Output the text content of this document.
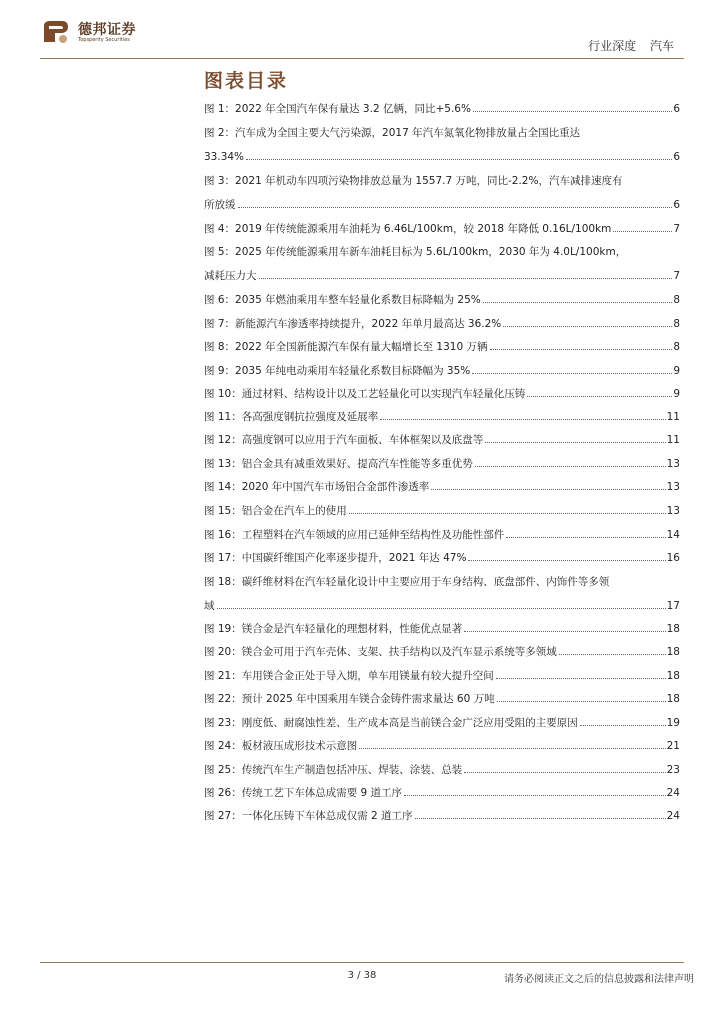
德邦证券
Topsperity Securities	行业深度 汽车
图表目录
图 1： 2022 年全国汽车保有量达 3.2 亿辆，同比+5.6%	6
图 2： 汽车成为全国主要大气污染源，2017 年汽车氮氧化物排放量占全国比重达
33.34%	6
图 3： 2021 年机动车四项污染物排放总量为 1557.7 万吨，同比-2.2%，汽车减排速度有
所放缓	6
图 4： 2019 年传统能源乘用车油耗为 6.46L/100km，较 2018 年降低 0.16L/100km	7
图 5： 2025 年传统能源乘用车新车油耗目标为 5.6L/100km，2030 年为 4.0L/100km，
减耗压力大	7
图 6： 2035 年燃油乘用车整车轻量化系数目标降幅为 25%	8
图 7： 新能源汽车渗透率持续提升，2022 年单月最高达 36.2%	8
图 8： 2022 年全国新能源汽车保有量大幅增长至 1310 万辆	8
图 9： 2035 年纯电动乘用车轻量化系数目标降幅为 35%	9
图 10： 通过材料、结构设计以及工艺轻量化可以实现汽车轻量化压铸	9
图 11： 各高强度钢抗拉强度及延展率	11
图 12： 高强度钢可以应用于汽车面板、车体框架以及底盘等	11
图 13： 铝合金具有减重效果好、提高汽车性能等多重优势	13
图 14： 2020 年中国汽车市场铝合金部件渗透率	13
图 15： 铝合金在汽车上的使用	13
图 16： 工程塑料在汽车领域的应用已延伸至结构性及功能性部件	14
图 17： 中国碳纤维国产化率逐步提升，2021 年达 47%	16
图 18： 碳纤维材料在汽车轻量化设计中主要应用于车身结构、底盘部件、内饰件等多领
域	17
图 19： 镁合金是汽车轻量化的理想材料，性能优点显著	18
图 20： 镁合金可用于汽车壳体、支架、扶手结构以及汽车显示系统等多领域	18
图 21： 车用镁合金正处于导入期，单车用镁量有较大提升空间	18
图 22： 预计 2025 年中国乘用车镁合金铸件需求量达 60 万吨	18
图 23： 刚度低、耐腐蚀性差、生产成本高是当前镁合金广泛应用受阻的主要原因	19
图 24： 板材液压成形技术示意图	21
图 25： 传统汽车生产制造包括冲压、焊装、涂装、总装	23
图 26： 传统工艺下车体总成需要 9 道工序	24
图 27： 一体化压铸下车体总成仅需 2 道工序	24
3 / 38	请务必阅读正文之后的信息披露和法律声明
